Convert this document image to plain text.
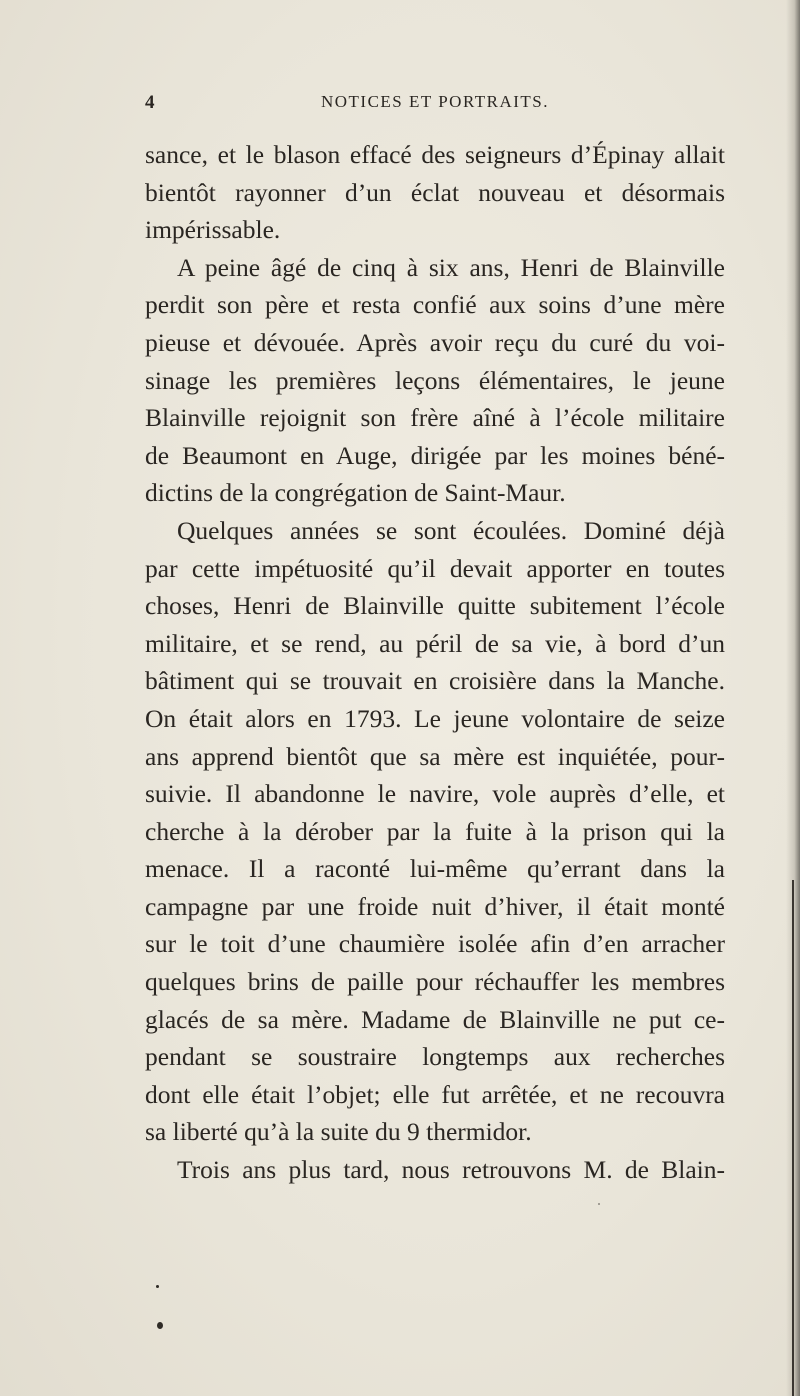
4	NOTICES ET PORTRAITS.
sance, et le blason effacé des seigneurs d’Épinay allait
bientôt rayonner d’un éclat nouveau et désormais
impérissable.
A peine âgé de cinq à six ans, Henri de Blainville
perdit son père et resta confié aux soins d’une mère
pieuse et dévouée. Après avoir reçu du curé du voi-
sinage les premières leçons élémentaires, le jeune
Blainville rejoignit son frère aîné à l’école militaire
de Beaumont en Auge, dirigée par les moines béné-
dictins de la congrégation de Saint-Maur.
Quelques années se sont écoulées. Dominé déjà
par cette impétuosité qu’il devait apporter en toutes
choses, Henri de Blainville quitte subitement l’école
militaire, et se rend, au péril de sa vie, à bord d’un
bâtiment qui se trouvait en croisière dans la Manche.
On était alors en 1793. Le jeune volontaire de seize
ans apprend bientôt que sa mère est inquiétée, pour-
suivie. Il abandonne le navire, vole auprès d’elle, et
cherche à la dérober par la fuite à la prison qui la
menace. Il a raconté lui-même qu’errant dans la
campagne par une froide nuit d’hiver, il était monté
sur le toit d’une chaumière isolée afin d’en arracher
quelques brins de paille pour réchauffer les membres
glacés de sa mère. Madame de Blainville ne put ce-
pendant se soustraire longtemps aux recherches
dont elle était l’objet; elle fut arrêtée, et ne recouvra
sa liberté qu’à la suite du 9 thermidor.
Trois ans plus tard, nous retrouvons M. de Blain-
